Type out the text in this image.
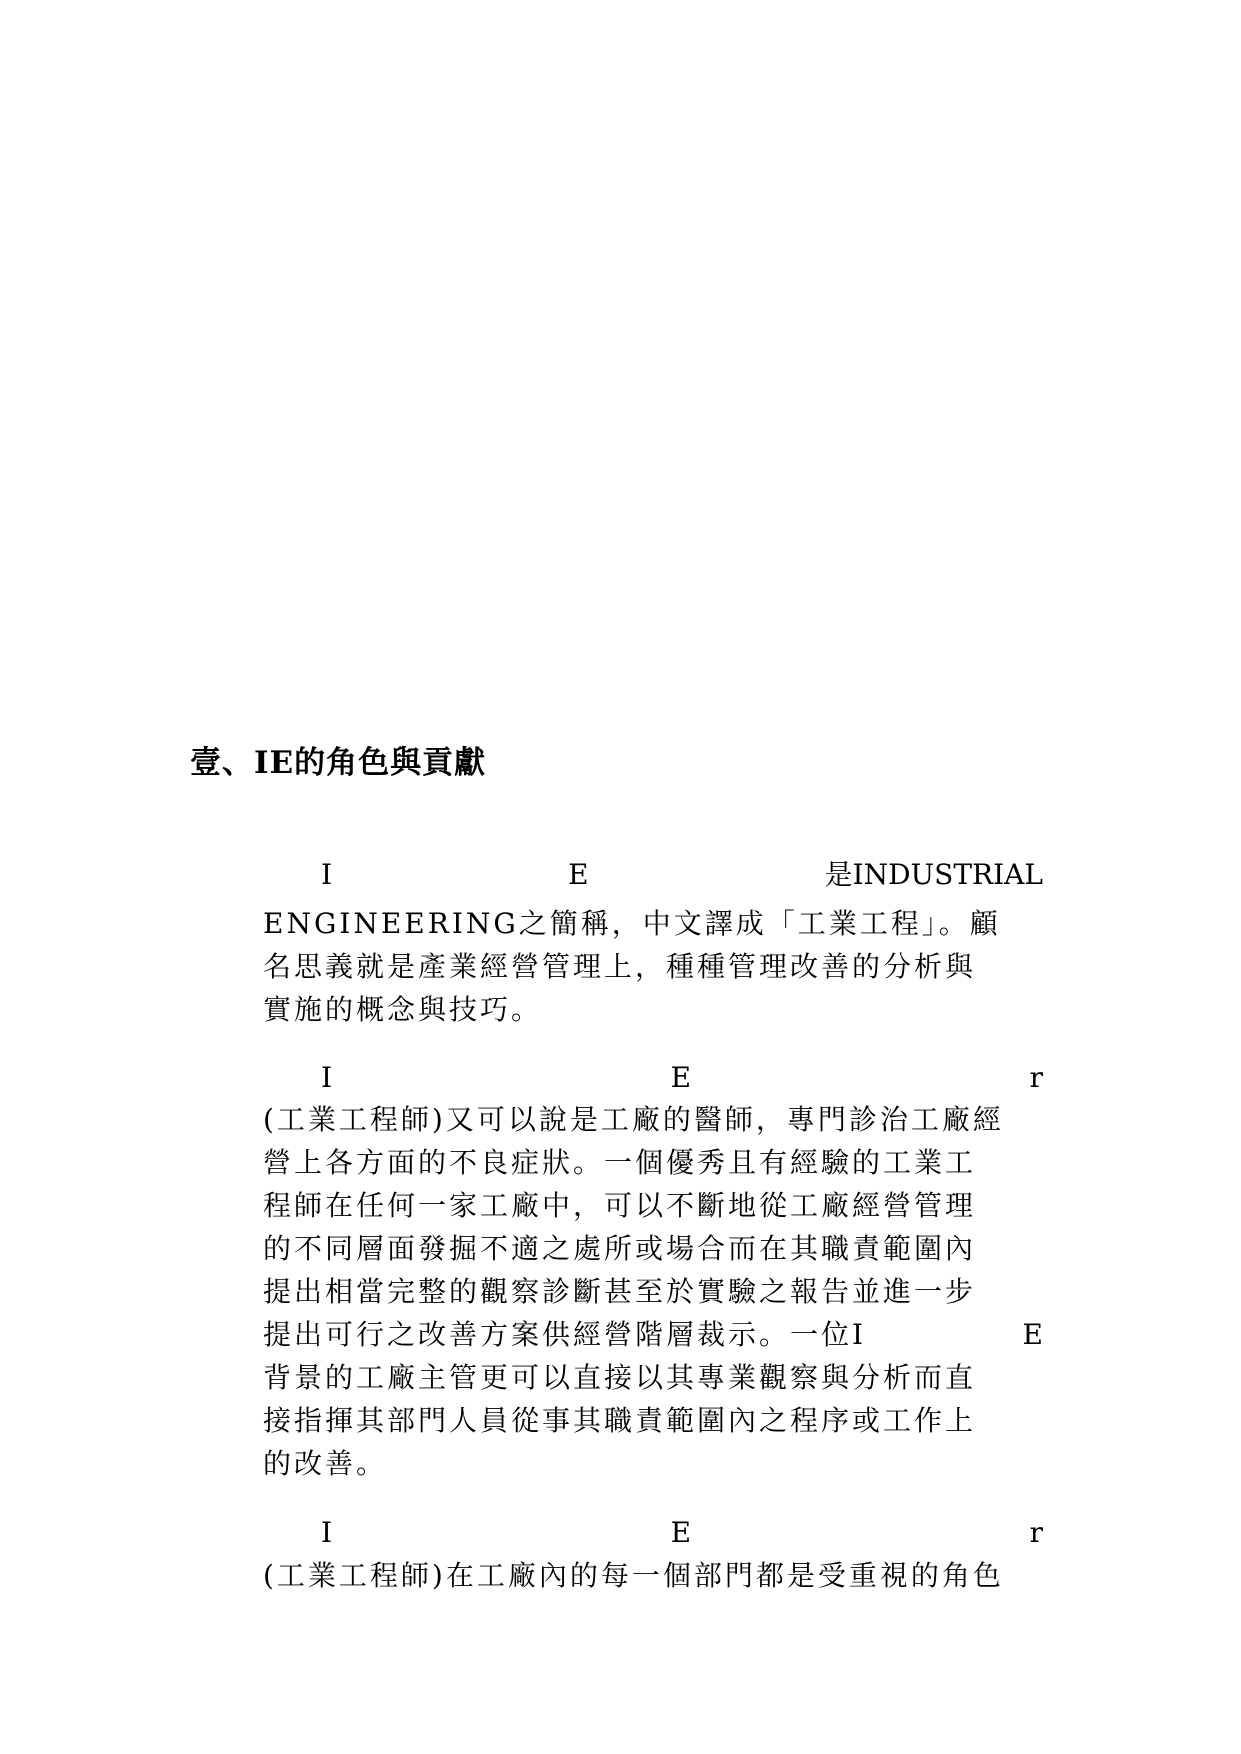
壹、IE的角色與貢獻
I	E	是INDUSTRIAL
ENGINEERING之簡稱，中文譯成「工業工程」。顧
名思義就是產業經營管理上，種種管理改善的分析與
實施的概念與技巧。
I	E	r
(工業工程師)又可以說是工廠的醫師，專門診治工廠經
營上各方面的不良症狀。一個優秀且有經驗的工業工
程師在任何一家工廠中，可以不斷地從工廠經營管理
的不同層面發掘不適之處所或場合而在其職責範圍內
提出相當完整的觀察診斷甚至於實驗之報告並進一步
提出可行之改善方案供經營階層裁示。一位I	E
背景的工廠主管更可以直接以其專業觀察與分析而直
接指揮其部門人員從事其職責範圍內之程序或工作上
的改善。
I	E	r
(工業工程師)在工廠內的每一個部門都是受重視的角色
